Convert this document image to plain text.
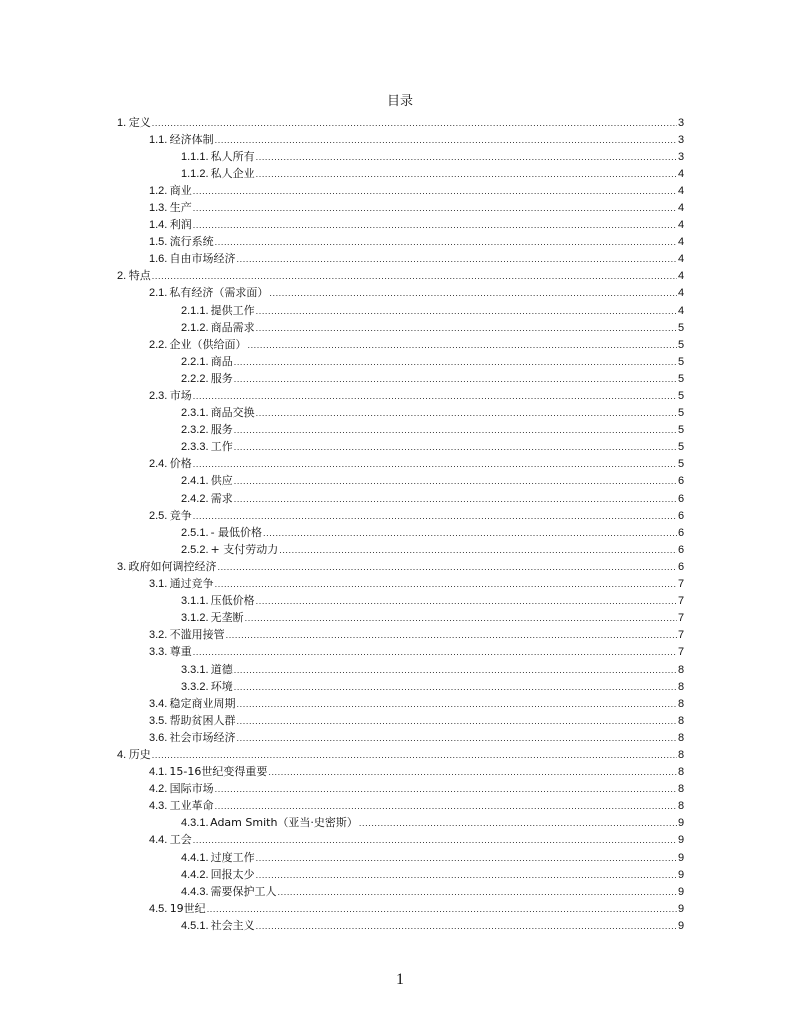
目录
1. 定义 .....	3
1.1. 经济体制 .....	3
1.1.1. 私人所有 .....	3
1.1.2. 私人企业 .....	4
1.2. 商业 .....	4
1.3. 生产 .....	4
1.4. 利润 .....	4
1.5. 流行系统 .....	4
1.6. 自由市场经济 .....	4
2. 特点 .....	4
2.1. 私有经济（需求面） .....	4
2.1.1. 提供工作 .....	4
2.1.2. 商品需求 .....	5
2.2. 企业（供给面） .....	5
2.2.1. 商品 .....	5
2.2.2. 服务 .....	5
2.3. 市场 .....	5
2.3.1. 商品交换 .....	5
2.3.2. 服务 .....	5
2.3.3. 工作 .....	5
2.4. 价格 .....	5
2.4.1. 供应 .....	6
2.4.2. 需求 .....	6
2.5. 竞争 .....	6
2.5.1. - 最低价格 .....	6
2.5.2. + 支付劳动力 .....	6
3. 政府如何调控经济 .....	6
3.1. 通过竞争 .....	7
3.1.1. 压低价格 .....	7
3.1.2. 无垄断 .....	7
3.2. 不滥用接管 .....	7
3.3. 尊重 .....	7
3.3.1. 道德 .....	8
3.3.2. 环境 .....	8
3.4. 稳定商业周期 .....	8
3.5. 帮助贫困人群 .....	8
3.6. 社会市场经济 .....	8
4. 历史 .....	8
4.1. 15-16世纪变得重要 .....	8
4.2. 国际市场 .....	8
4.3. 工业革命 .....	8
4.3.1. Adam Smith（亚当·史密斯） .....	9
4.4. 工会 .....	9
4.4.1. 过度工作 .....	9
4.4.2. 回报太少 .....	9
4.4.3. 需要保护工人 .....	9
4.5. 19世纪 .....	9
4.5.1. 社会主义 .....	9
1
